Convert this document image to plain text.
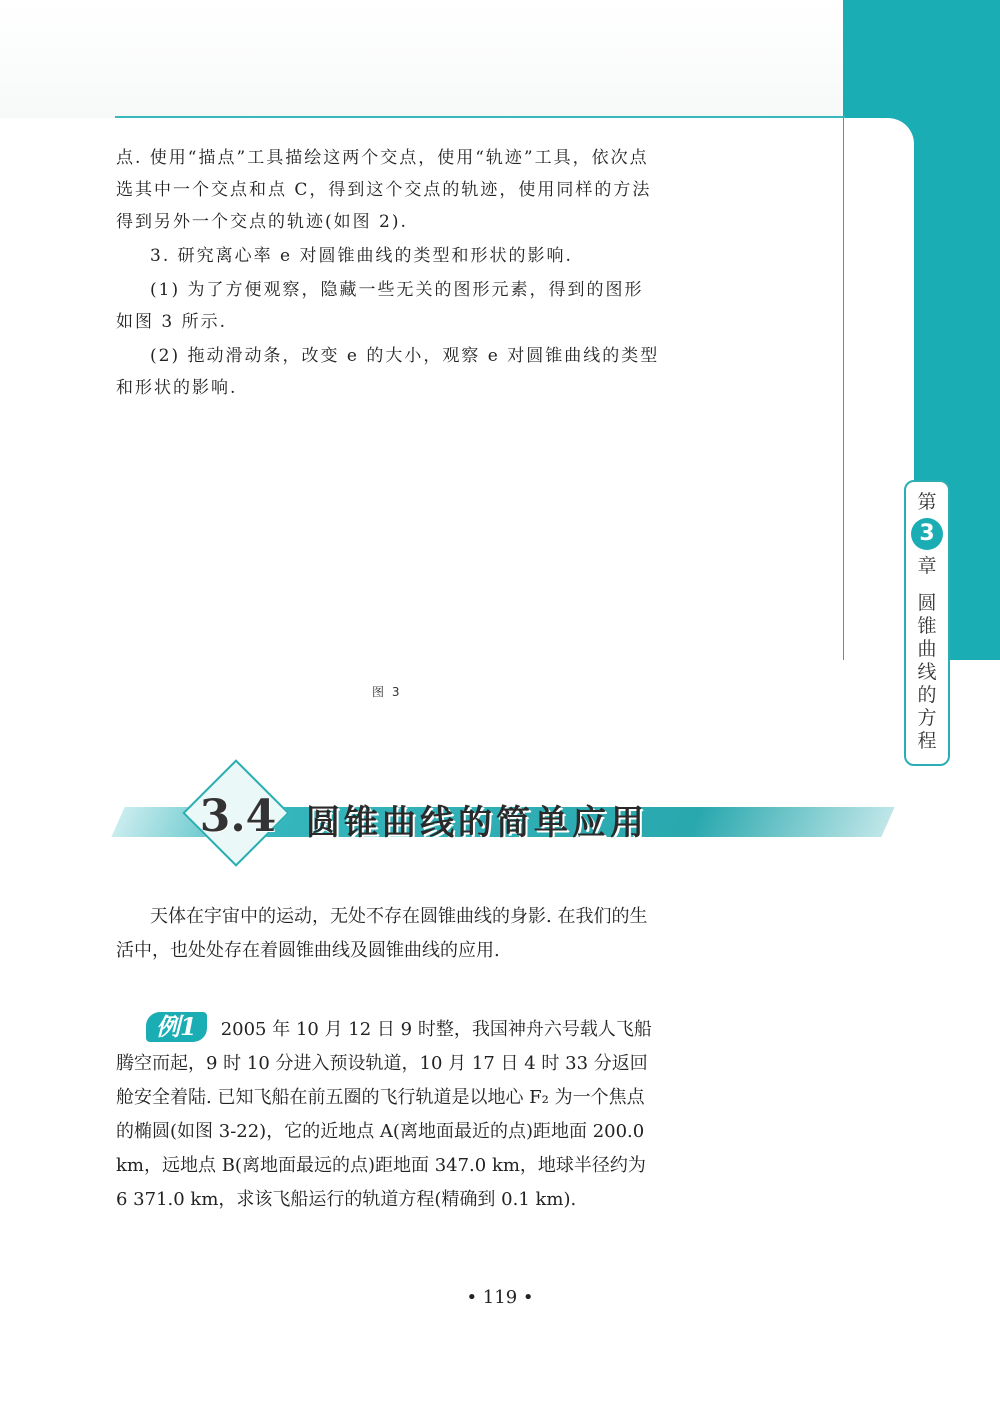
第
3
章
圆
锥
曲
线
的
方
程

点. 使用“描点”工具描绘这两个交点，使用“轨迹”工具，依次点选其中一个交点和点 C，得到这个交点的轨迹，使用同样的方法得到另外一个交点的轨迹(如图 2).

3. 研究离心率 e 对圆锥曲线的类型和形状的影响.

(1) 为了方便观察，隐藏一些无关的图形元素，得到的图形如图 3 所示.

(2) 拖动滑动条，改变 e 的大小，观察 e 对圆锥曲线的类型和形状的影响.

图 3
3.4 圆锥曲线的简单应用

天体在宇宙中的运动，无处不存在圆锥曲线的身影. 在我们的生活中，也处处存在着圆锥曲线及圆锥曲线的应用.

例1 2005 年 10 月 12 日 9 时整，我国神舟六号载人飞船腾空而起，9 时 10 分进入预设轨道，10 月 17 日 4 时 33 分返回舱安全着陆. 已知飞船在前五圈的飞行轨道是以地心 F₂ 为一个焦点的椭圆(如图 3-22)，它的近地点 A(离地面最近的点)距地面 200.0 km，远地点 B(离地面最远的点)距地面 347.0 km，地球半径约为 6 371.0 km，求该飞船运行的轨道方程(精确到 0.1 km).

• 119 •
